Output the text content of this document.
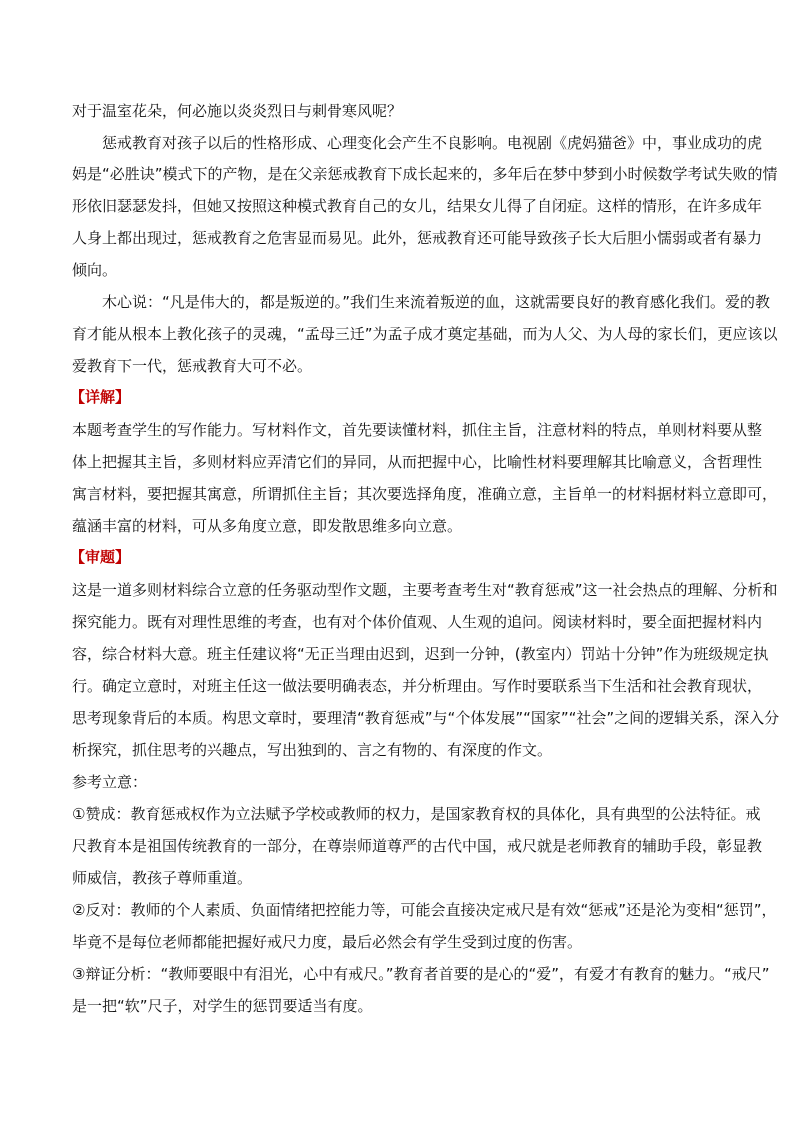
对于温室花朵，何必施以炎炎烈日与刺骨寒风呢？
惩戒教育对孩子以后的性格形成、心理变化会产生不良影响。电视剧《虎妈猫爸》中，事业成功的虎
妈是“必胜诀”模式下的产物，是在父亲惩戒教育下成长起来的，多年后在梦中梦到小时候数学考试失败的情
形依旧瑟瑟发抖，但她又按照这种模式教育自己的女儿，结果女儿得了自闭症。这样的情形，在许多成年
人身上都出现过，惩戒教育之危害显而易见。此外，惩戒教育还可能导致孩子长大后胆小懦弱或者有暴力
倾向。
木心说：“凡是伟大的，都是叛逆的。”我们生来流着叛逆的血，这就需要良好的教育感化我们。爱的教
育才能从根本上教化孩子的灵魂，“孟母三迁”为孟子成才奠定基础，而为人父、为人母的家长们，更应该以
爱教育下一代，惩戒教育大可不必。
【详解】
本题考查学生的写作能力。写材料作文，首先要读懂材料，抓住主旨，注意材料的特点，单则材料要从整
体上把握其主旨，多则材料应弄清它们的异同，从而把握中心，比喻性材料要理解其比喻意义，含哲理性
寓言材料，要把握其寓意，所谓抓住主旨；其次要选择角度，准确立意，主旨单一的材料据材料立意即可，
蕴涵丰富的材料，可从多角度立意，即发散思维多向立意。
【审题】
这是一道多则材料综合立意的任务驱动型作文题，主要考查考生对“教育惩戒”这一社会热点的理解、分析和
探究能力。既有对理性思维的考查，也有对个体价值观、人生观的追问。阅读材料时，要全面把握材料内
容，综合材料大意。班主任建议将“无正当理由迟到，迟到一分钟，(教室内）罚站十分钟”作为班级规定执
行。确定立意时，对班主任这一做法要明确表态，并分析理由。写作时要联系当下生活和社会教育现状，
思考现象背后的本质。构思文章时，要理清“教育惩戒”与“个体发展”“国家”“社会”之间的逻辑关系，深入分
析探究，抓住思考的兴趣点，写出独到的、言之有物的、有深度的作文。
参考立意：
①赞成：教育惩戒权作为立法赋予学校或教师的权力，是国家教育权的具体化，具有典型的公法特征。戒
尺教育本是祖国传统教育的一部分，在尊崇师道尊严的古代中国，戒尺就是老师教育的辅助手段，彰显教
师威信，教孩子尊师重道。
②反对：教师的个人素质、负面情绪把控能力等，可能会直接决定戒尺是有效“惩戒”还是沦为变相“惩罚”，
毕竟不是每位老师都能把握好戒尺力度，最后必然会有学生受到过度的伤害。
③辩证分析：“教师要眼中有泪光，心中有戒尺。”教育者首要的是心的“爱”，有爱才有教育的魅力。“戒尺”
是一把“软”尺子，对学生的惩罚要适当有度。
